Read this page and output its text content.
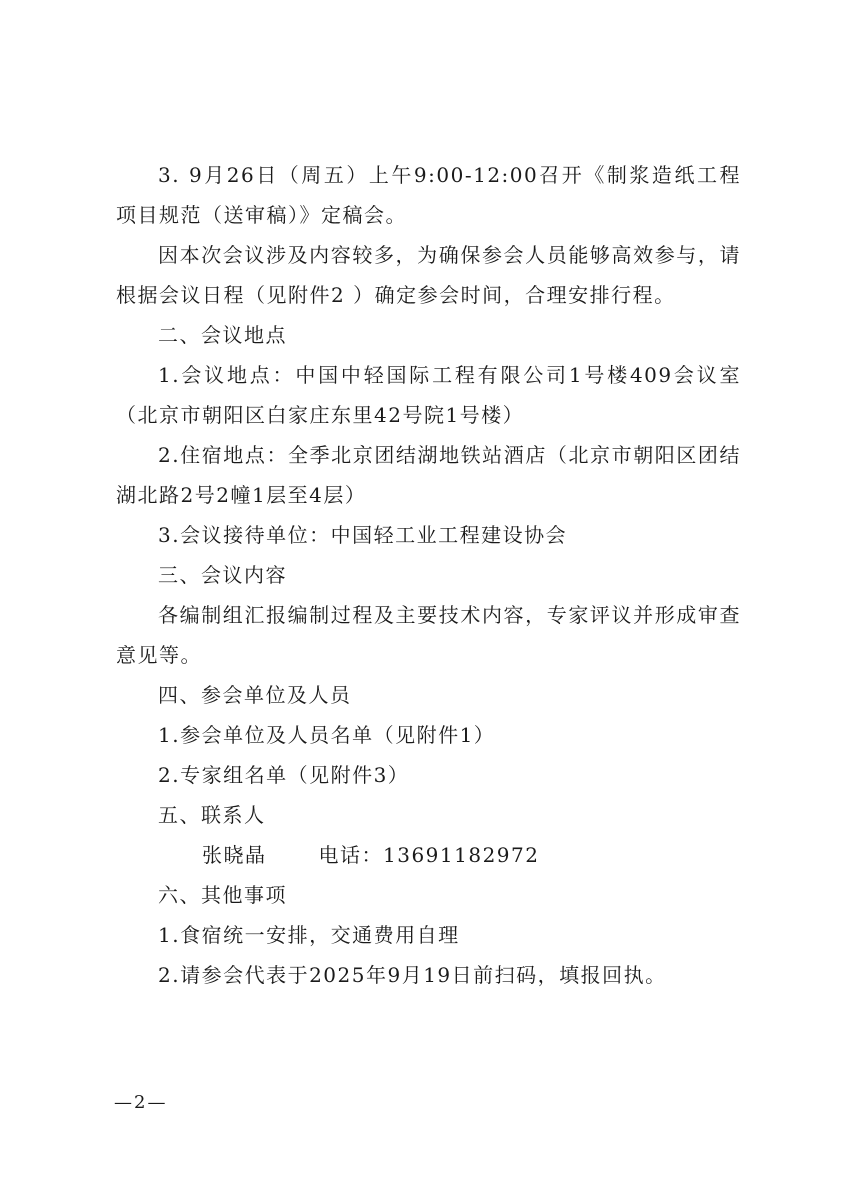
3. 9月26日（周五）上午9:00-12:00召开《制浆造纸工程项目规范（送审稿）》定稿会。

因本次会议涉及内容较多，为确保参会人员能够高效参与，请根据会议日程（见附件2 ）确定参会时间，合理安排行程。

二、会议地点

1.会议地点：中国中轻国际工程有限公司1号楼409会议室（北京市朝阳区白家庄东里42号院1号楼）

2.住宿地点：全季北京团结湖地铁站酒店（北京市朝阳区团结湖北路2号2幢1层至4层）

3.会议接待单位：中国轻工业工程建设协会

三、会议内容

各编制组汇报编制过程及主要技术内容，专家评议并形成审查意见等。

四、参会单位及人员

1.参会单位及人员名单（见附件1）

2.专家组名单（见附件3）

五、联系人

张晓晶	电话：13691182972

六、其他事项

1.食宿统一安排，交通费用自理

2.请参会代表于2025年9月19日前扫码，填报回执。

—2—
